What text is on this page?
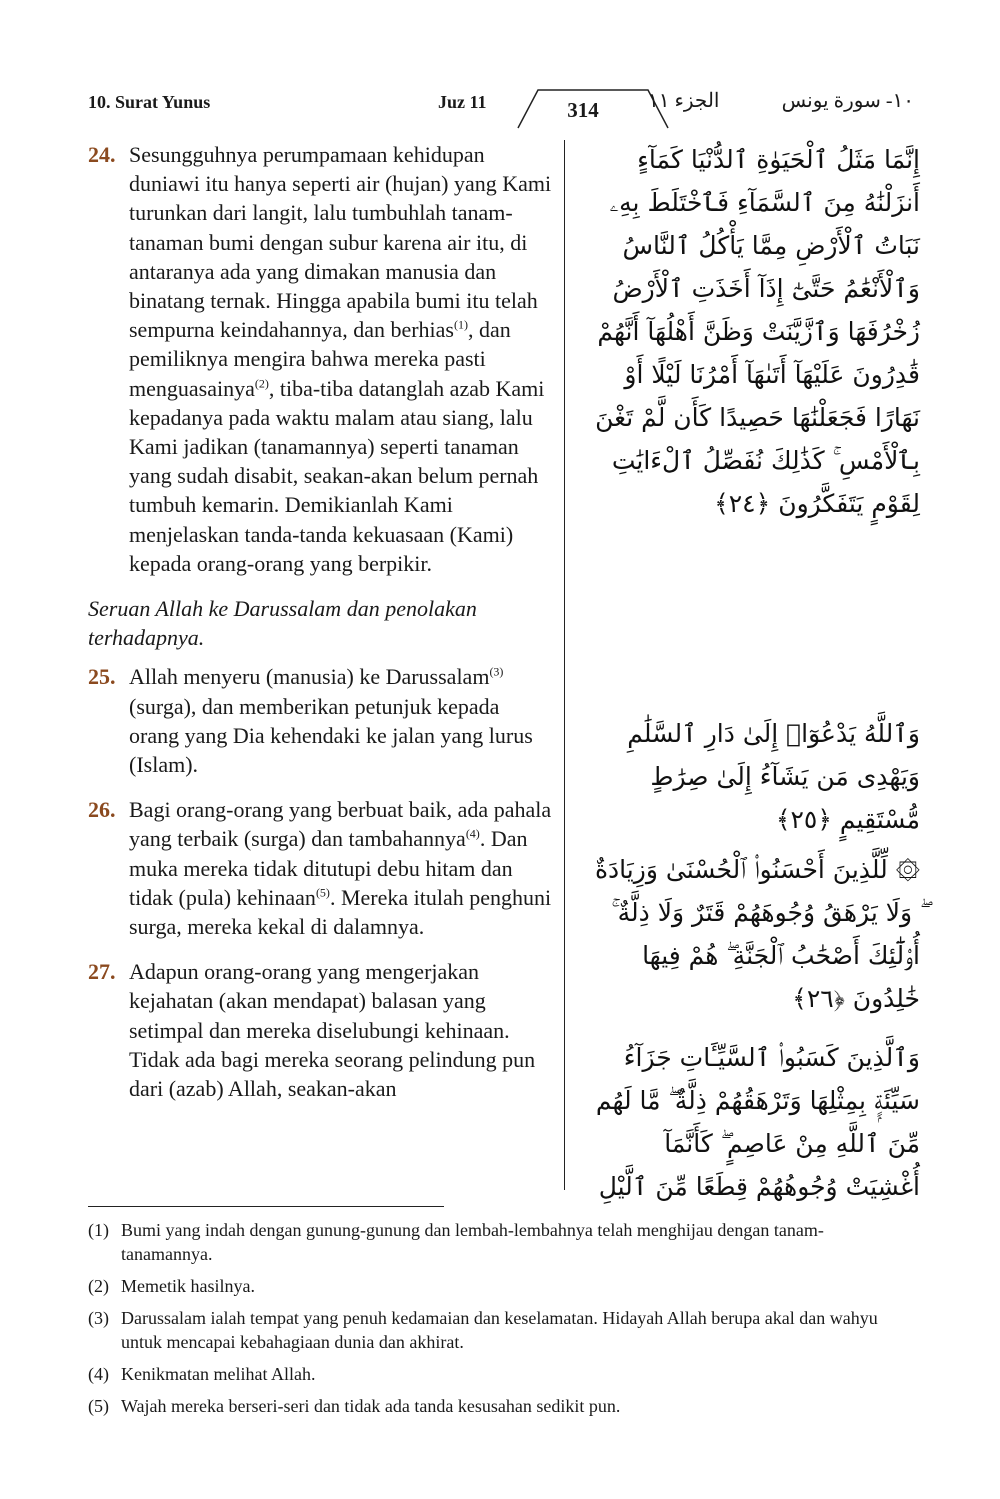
10. Surat Yunus	Juz 11	314	الجزء ١١	١٠- سورة يونس
24. Sesungguhnya perumpamaan kehidupan duniawi itu hanya seperti air (hujan) yang Kami turunkan dari langit, lalu tumbuhlah tanam-tanaman bumi dengan subur karena air itu, di antaranya ada yang dimakan manusia dan binatang ternak. Hingga apabila bumi itu telah sempurna keindahannya, dan berhias$^{(1)}$, dan pemiliknya mengira bahwa mereka pasti menguasainya$^{(2)}$, tiba-tiba datanglah azab Kami kepadanya pada waktu malam atau siang, lalu Kami jadikan (tanamannya) seperti tanaman yang sudah disabit, seakan-akan belum pernah tumbuh kemarin. Demikianlah Kami menjelaskan tanda-tanda kekuasaan (Kami) kepada orang-orang yang berpikir.
Seruan Allah ke Darussalam dan penolakan terhadapnya.
25. Allah menyeru (manusia) ke Darussalam$^{(3)}$ (surga), dan memberikan petunjuk kepada orang yang Dia kehendaki ke jalan yang lurus (Islam).
26. Bagi orang-orang yang berbuat baik, ada pahala yang terbaik (surga) dan tambahannya$^{(4)}$. Dan muka mereka tidak ditutupi debu hitam dan tidak (pula) kehinaan$^{(5)}$. Mereka itulah penghuni surga, mereka kekal di dalamnya.
27. Adapun orang-orang yang mengerjakan kejahatan (akan mendapat) balasan yang setimpal dan mereka diselubungi kehinaan. Tidak ada bagi mereka seorang pelindung pun dari (azab) Allah, seakan-akan
إِنَّمَا مَثَلُ ٱلْحَيَوٰةِ ٱلدُّنْيَا كَمَآءٍ أَنزَلْنَٰهُ مِنَ ٱلسَّمَآءِ فَٱخْتَلَطَ بِهِۦ نَبَاتُ ٱلْأَرْضِ مِمَّا يَأْكُلُ ٱلنَّاسُ وَٱلْأَنْعَٰمُ حَتَّىٰٓ إِذَآ أَخَذَتِ ٱلْأَرْضُ زُخْرُفَهَا وَٱزَّيَّنَتْ وَظَنَّ أَهْلُهَآ أَنَّهُمْ قَٰدِرُونَ عَلَيْهَآ أَتَىٰهَآ أَمْرُنَا لَيْلًا أَوْ نَهَارًا فَجَعَلْنَٰهَا حَصِيدًا كَأَن لَّمْ تَغْنَ بِٱلْأَمْسِ ۚ كَذَٰلِكَ نُفَصِّلُ ٱلْءَايَٰتِ لِقَوْمٍ يَتَفَكَّرُونَ ﴿٢٤﴾
وَٱللَّهُ يَدْعُوٓا۟ إِلَىٰ دَارِ ٱلسَّلَٰمِ وَيَهْدِى مَن يَشَآءُ إِلَىٰ صِرَٰطٍ مُّسْتَقِيمٍ ﴿٢٥﴾
۞ لِّلَّذِينَ أَحْسَنُوا۟ ٱلْحُسْنَىٰ وَزِيَادَةٌ ۖ وَلَا يَرْهَقُ وُجُوهَهُمْ قَتَرٌ وَلَا ذِلَّةٌ ۚ أُو۟لَٰٓئِكَ أَصْحَٰبُ ٱلْجَنَّةِ ۖ هُمْ فِيهَا خَٰلِدُونَ ﴿٢٦﴾
وَٱلَّذِينَ كَسَبُوا۟ ٱلسَّيِّـَٔاتِ جَزَآءُ سَيِّئَةٍۭ بِمِثْلِهَا وَتَرْهَقُهُمْ ذِلَّةٌ ۖ مَّا لَهُم مِّنَ ٱللَّهِ مِنْ عَاصِمٍ ۖ كَأَنَّمَآ أُغْشِيَتْ وُجُوهُهُمْ قِطَعًا مِّنَ ٱلَّيْلِ
(1) Bumi yang indah dengan gunung-gunung dan lembah-lembahnya telah menghijau dengan tanam- tanamannya.
(2) Memetik hasilnya.
(3) Darussalam ialah tempat yang penuh kedamaian dan keselamatan. Hidayah Allah berupa akal dan wahyu untuk mencapai kebahagiaan dunia dan akhirat.
(4) Kenikmatan melihat Allah.
(5) Wajah mereka berseri-seri dan tidak ada tanda kesusahan sedikit pun.
